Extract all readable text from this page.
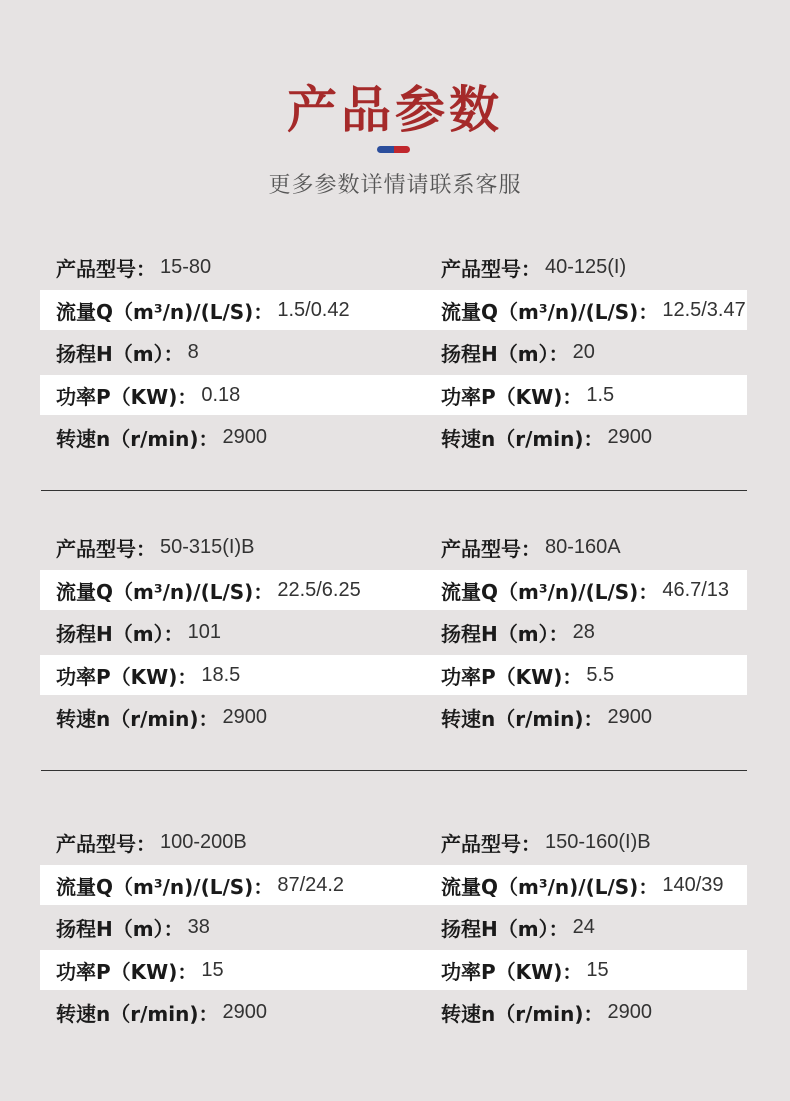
产品参数
更多参数详情请联系客服
产品型号： 15-80	产品型号： 40-125(I)
流量Q（m³/n)/(L/S)： 1.5/0.42	流量Q（m³/n)/(L/S)： 12.5/3.47
扬程H（m）： 8	扬程H（m）： 20
功率P（KW)： 0.18	功率P（KW)： 1.5
转速n（r/min)： 2900	转速n（r/min)： 2900
产品型号： 50-315(I)B	产品型号： 80-160A
流量Q（m³/n)/(L/S)： 22.5/6.25	流量Q（m³/n)/(L/S)： 46.7/13
扬程H（m）： 101	扬程H（m）： 28
功率P（KW)： 18.5	功率P（KW)： 5.5
转速n（r/min)： 2900	转速n（r/min)： 2900
产品型号： 100-200B	产品型号： 150-160(I)B
流量Q（m³/n)/(L/S)： 87/24.2	流量Q（m³/n)/(L/S)： 140/39
扬程H（m）： 38	扬程H（m）： 24
功率P（KW)： 15	功率P（KW)： 15
转速n（r/min)： 2900	转速n（r/min)： 2900
